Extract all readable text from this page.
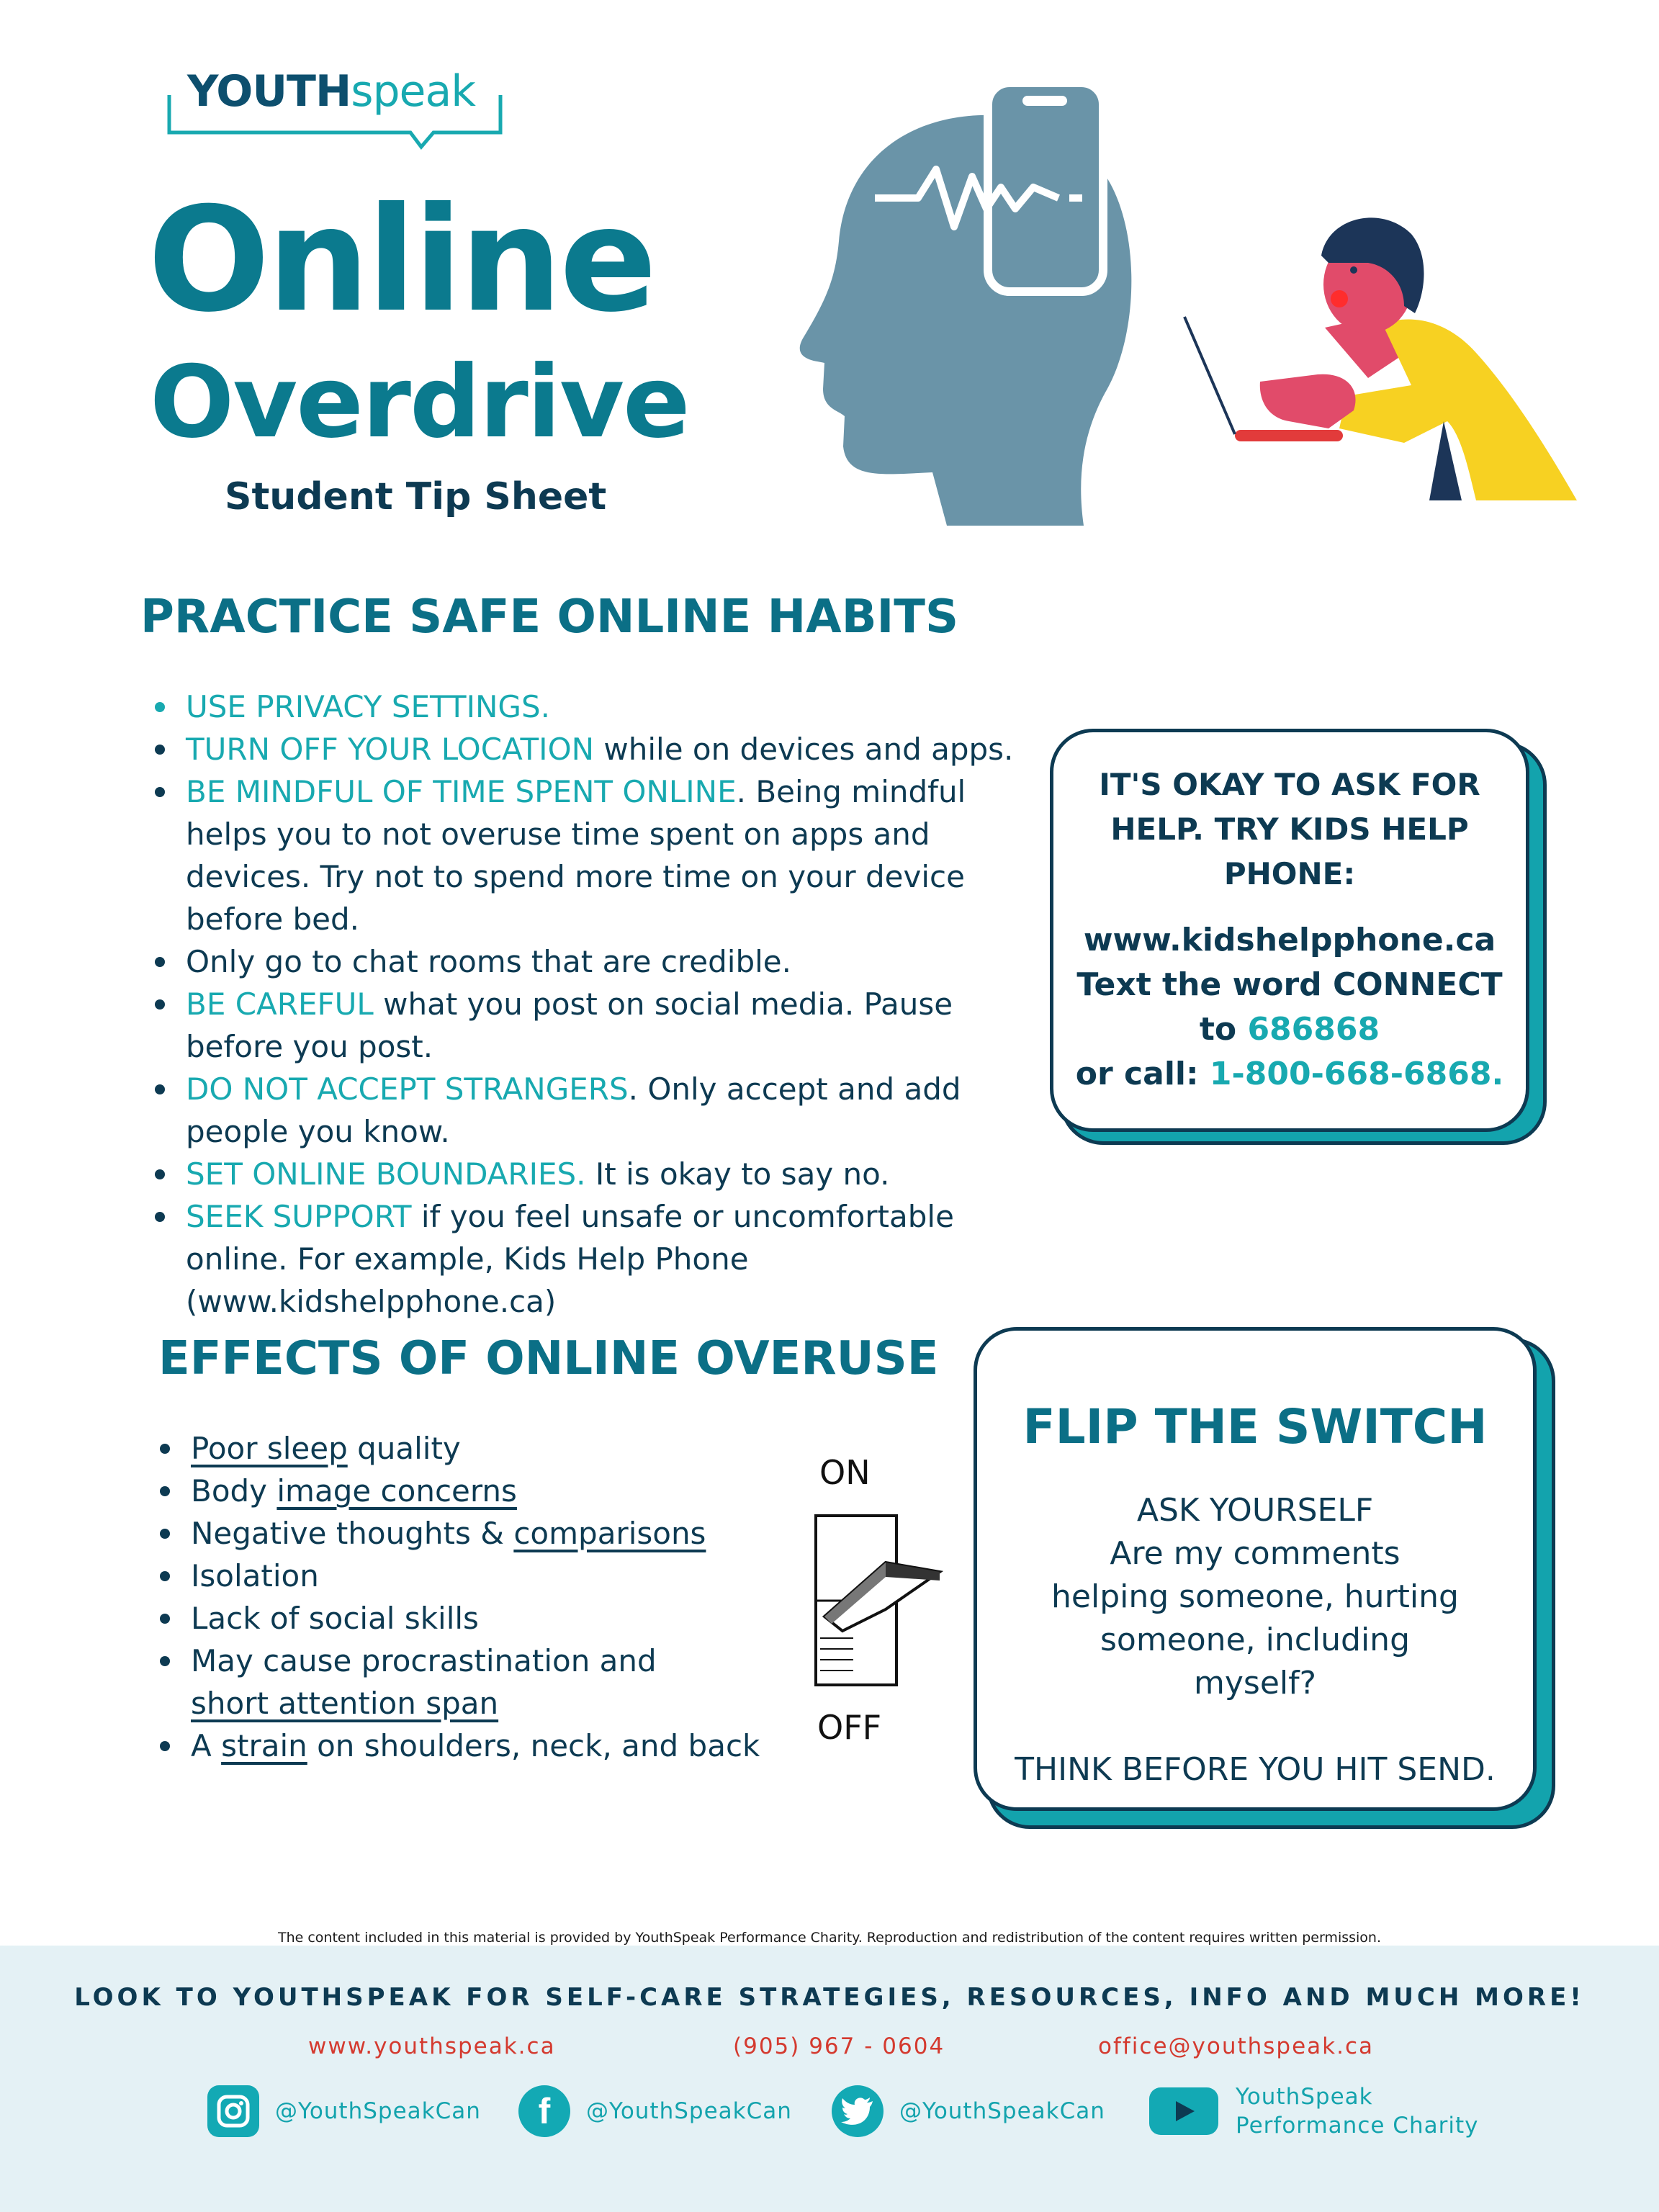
YOUTHspeak
Online
Overdrive
Student Tip Sheet
PRACTICE SAFE ONLINE HABITS
USE PRIVACY SETTINGS.
TURN OFF YOUR LOCATION while on devices and apps.
BE MINDFUL OF TIME SPENT ONLINE. Being mindful helps you to not overuse time spent on apps and devices. Try not to spend more time on your device before bed.
Only go to chat rooms that are credible.
BE CAREFUL what you post on social media. Pause before you post.
DO NOT ACCEPT STRANGERS. Only accept and add people you know.
SET ONLINE BOUNDARIES. It is okay to say no.
SEEK SUPPORT if you feel unsafe or uncomfortable online. For example, Kids Help Phone (www.kidshelpphone.ca)
IT'S OKAY TO ASK FOR HELP. TRY KIDS HELP PHONE:
www.kidshelpphone.ca
Text the word CONNECT
to 686868
or call: 1-800-668-6868.
EFFECTS OF ONLINE OVERUSE
Poor sleep quality
Body image concerns
Negative thoughts & comparisons
Isolation
Lack of social skills
May cause procrastination and short attention span
A strain on shoulders, neck, and back
ON
OFF
FLIP THE SWITCH
ASK YOURSELF
Are my comments helping someone, hurting someone, including myself?
THINK BEFORE YOU HIT SEND.
The content included in this material is provided by YouthSpeak Performance Charity. Reproduction and redistribution of the content requires written permission.
LOOK TO YOUTHSPEAK FOR SELF-CARE STRATEGIES, RESOURCES, INFO AND MUCH MORE!
www.youthspeak.ca	(905) 967 - 0604	office@youthspeak.ca
@YouthSpeakCan f @YouthSpeakCan	@YouthSpeakCan
YouthSpeak
Performance Charity
